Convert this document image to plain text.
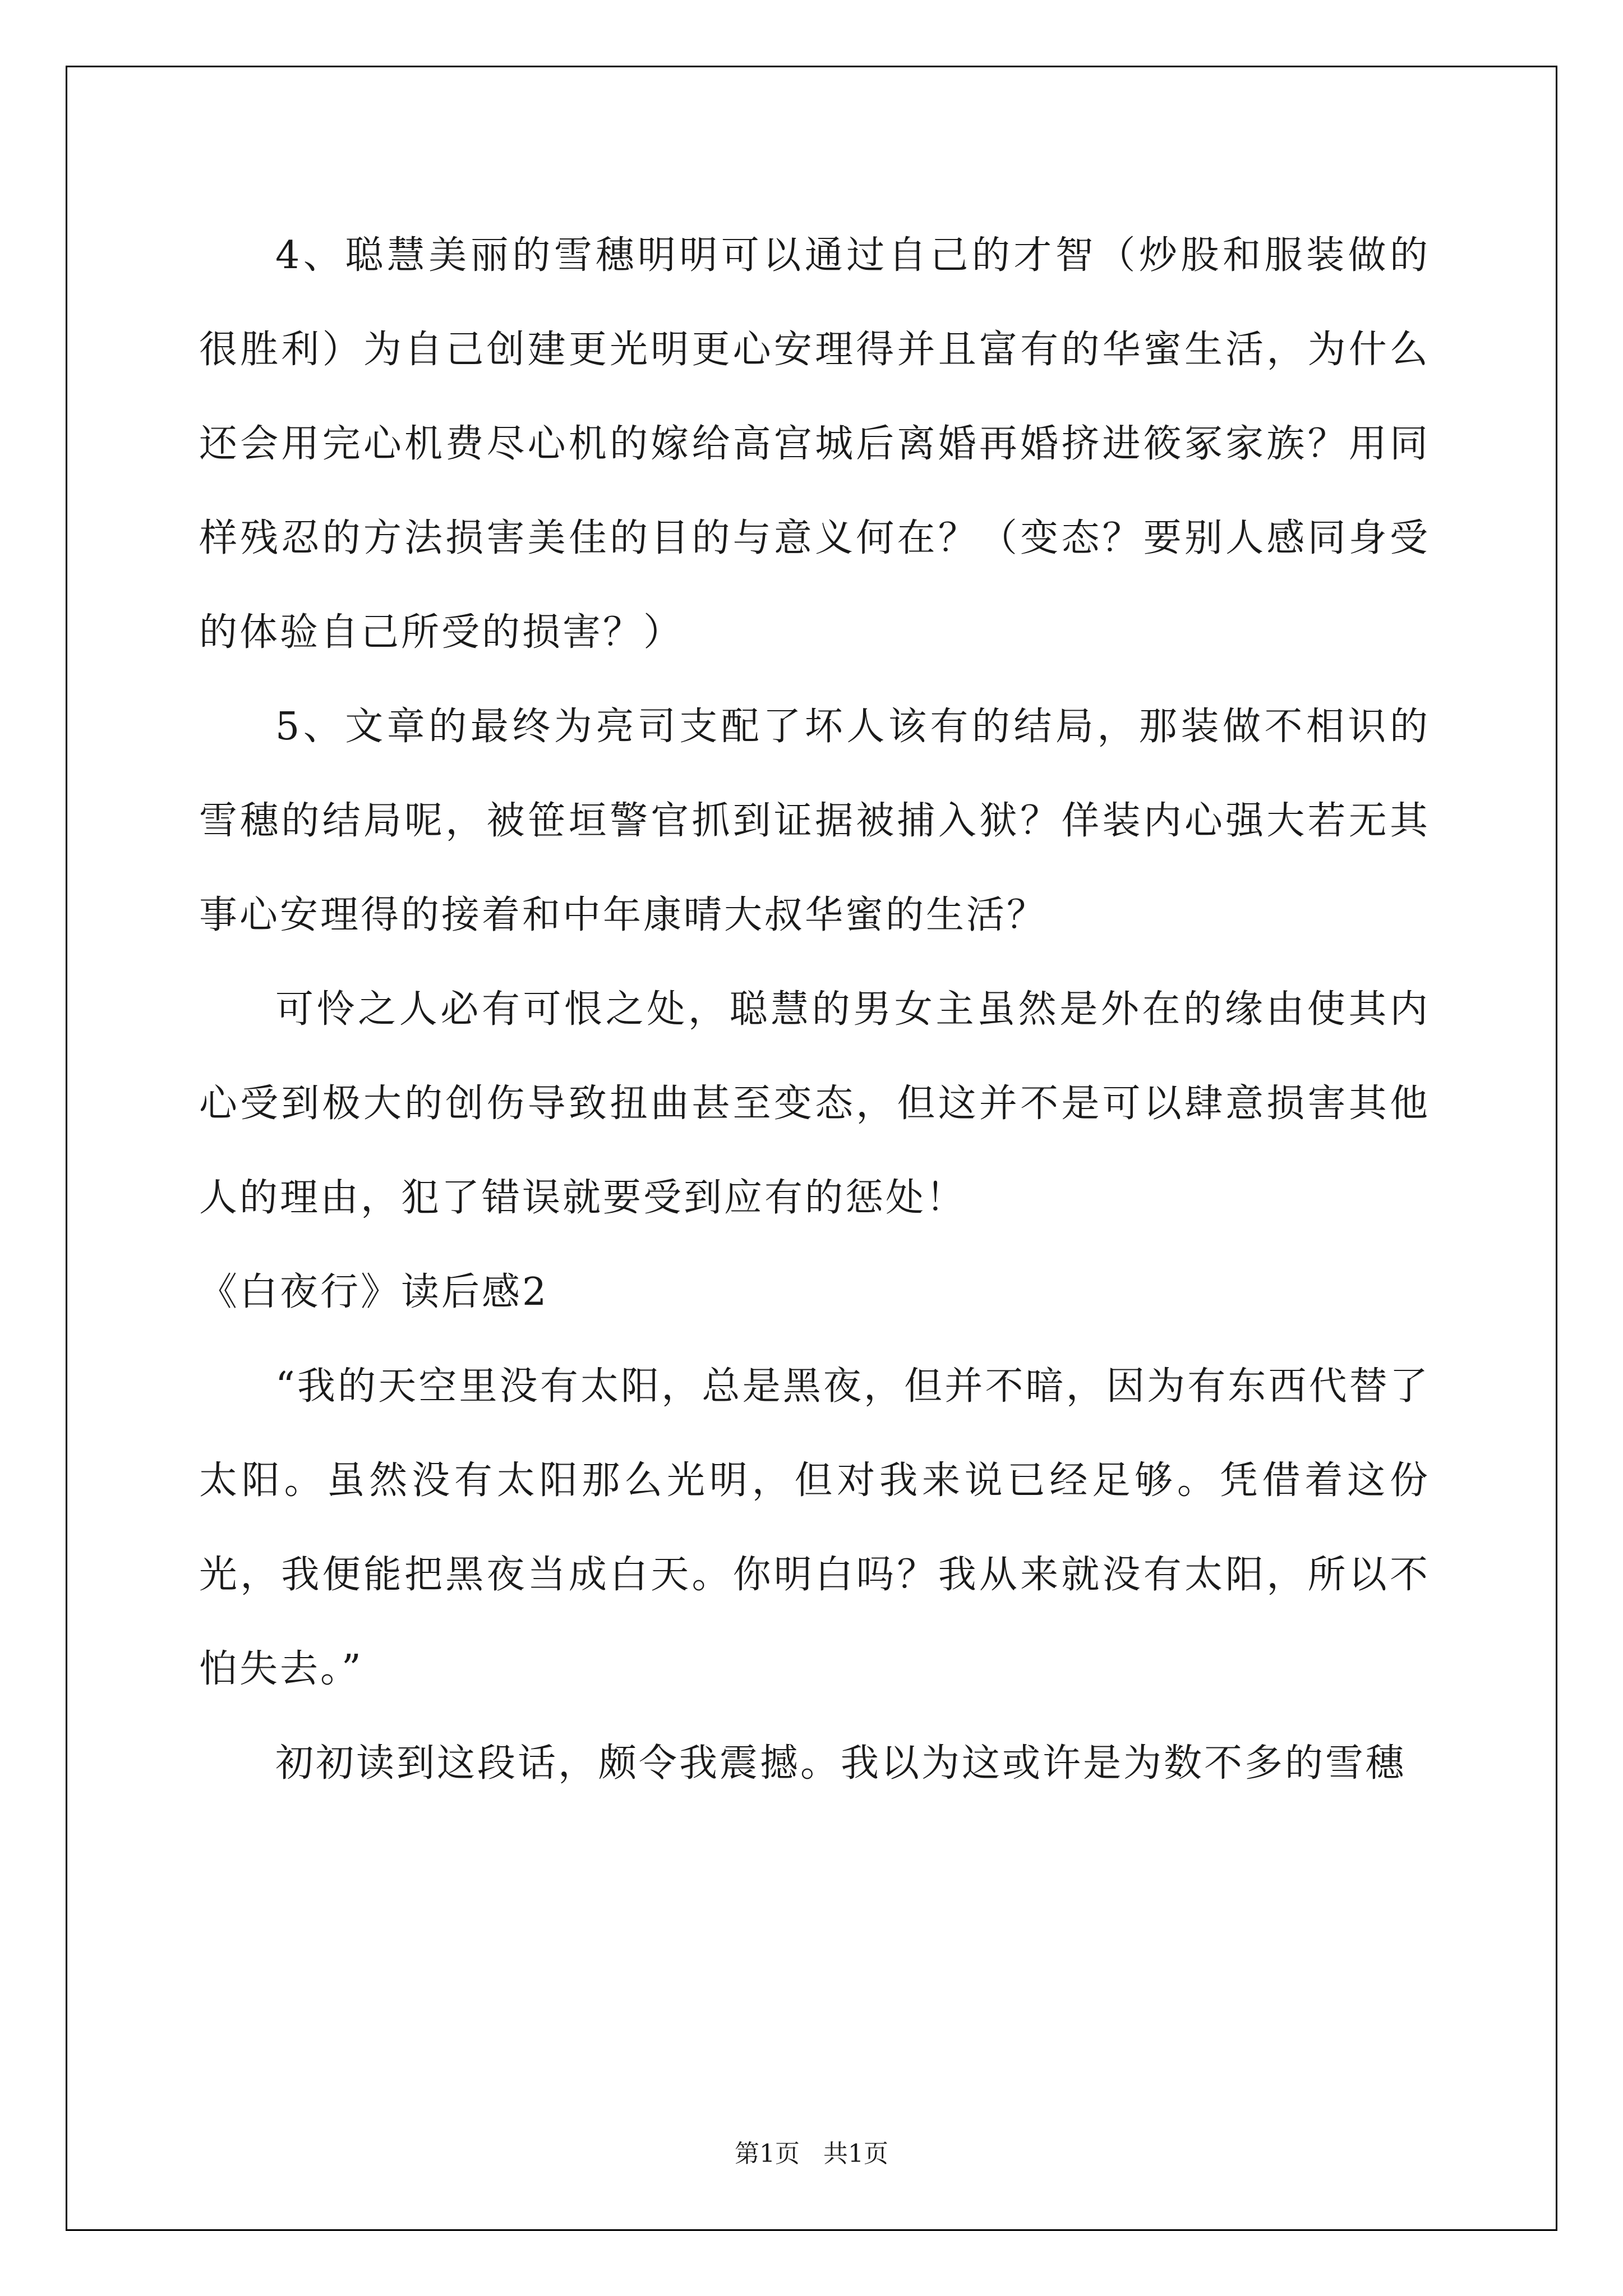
4、聪慧美丽的雪穗明明可以通过自己的才智（炒股和服装做的很胜利）为自己创建更光明更心安理得并且富有的华蜜生活，为什么还会用完心机费尽心机的嫁给高宫城后离婚再婚挤进筱冢家族？用同样残忍的方法损害美佳的目的与意义何在？（变态？要别人感同身受的体验自己所受的损害？）

5、文章的最终为亮司支配了坏人该有的结局，那装做不相识的雪穗的结局呢，被笹垣警官抓到证据被捕入狱？佯装内心强大若无其事心安理得的接着和中年康晴大叔华蜜的生活？

可怜之人必有可恨之处，聪慧的男女主虽然是外在的缘由使其内心受到极大的创伤导致扭曲甚至变态，但这并不是可以肆意损害其他人的理由，犯了错误就要受到应有的惩处！

《白夜行》读后感2

“我的天空里没有太阳，总是黑夜，但并不暗，因为有东西代替了太阳。虽然没有太阳那么光明，但对我来说已经足够。凭借着这份光，我便能把黑夜当成白天。你明白吗？我从来就没有太阳，所以不怕失去。”

初初读到这段话，颇令我震撼。我以为这或许是为数不多的雪穗

第1页   共1页
